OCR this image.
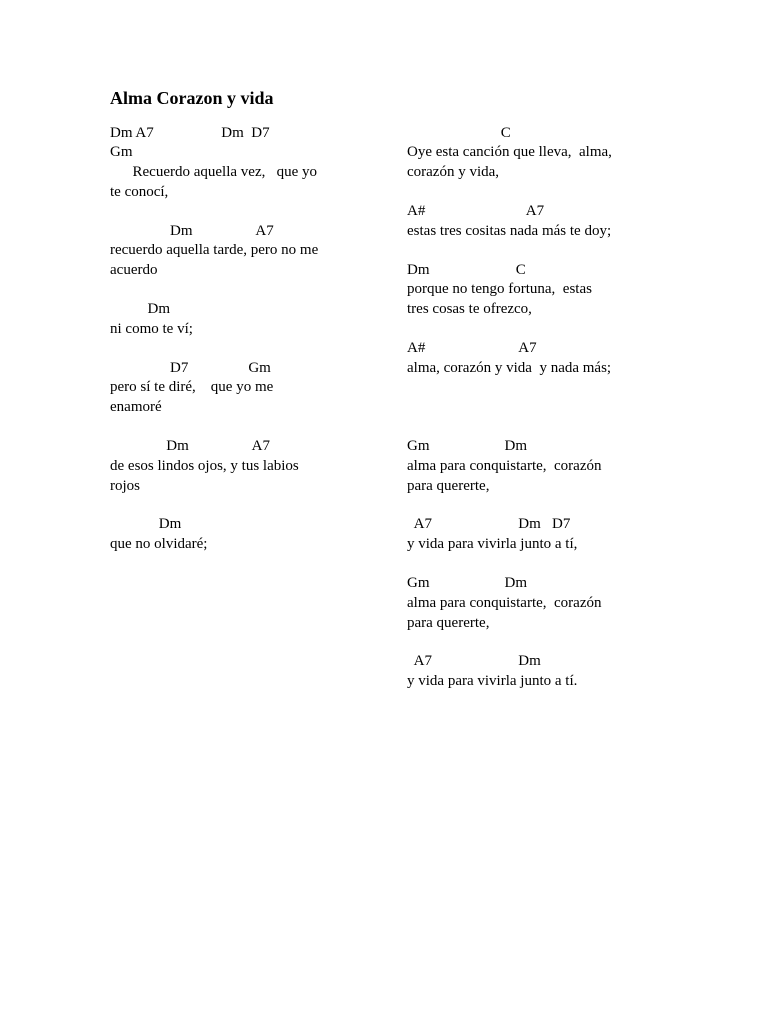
Alma Corazon y vida
Dm A7                  Dm  D7
Gm
Recuerdo aquella vez,   que yo
te conocí,
Dm                 A7
recuerdo aquella tarde, pero no me
acuerdo
Dm
ni como te ví;
D7                Gm
pero sí te diré,    que yo me
enamoré
Dm                 A7
de esos lindos ojos, y tus labios
rojos
Dm
que no olvidaré;
C
Oye esta canción que lleva,  alma,
corazón y vida,
A#                           A7
estas tres cositas nada más te doy;
Dm                       C
porque no tengo fortuna,  estas
tres cosas te ofrezco,
A#                         A7
alma, corazón y vida  y nada más;
Gm                    Dm
alma para conquistarte,  corazón
para quererte,
A7                       Dm   D7
y vida para vivirla junto a tí,
Gm                    Dm
alma para conquistarte,  corazón
para quererte,
A7                       Dm
y vida para vivirla junto a tí.
